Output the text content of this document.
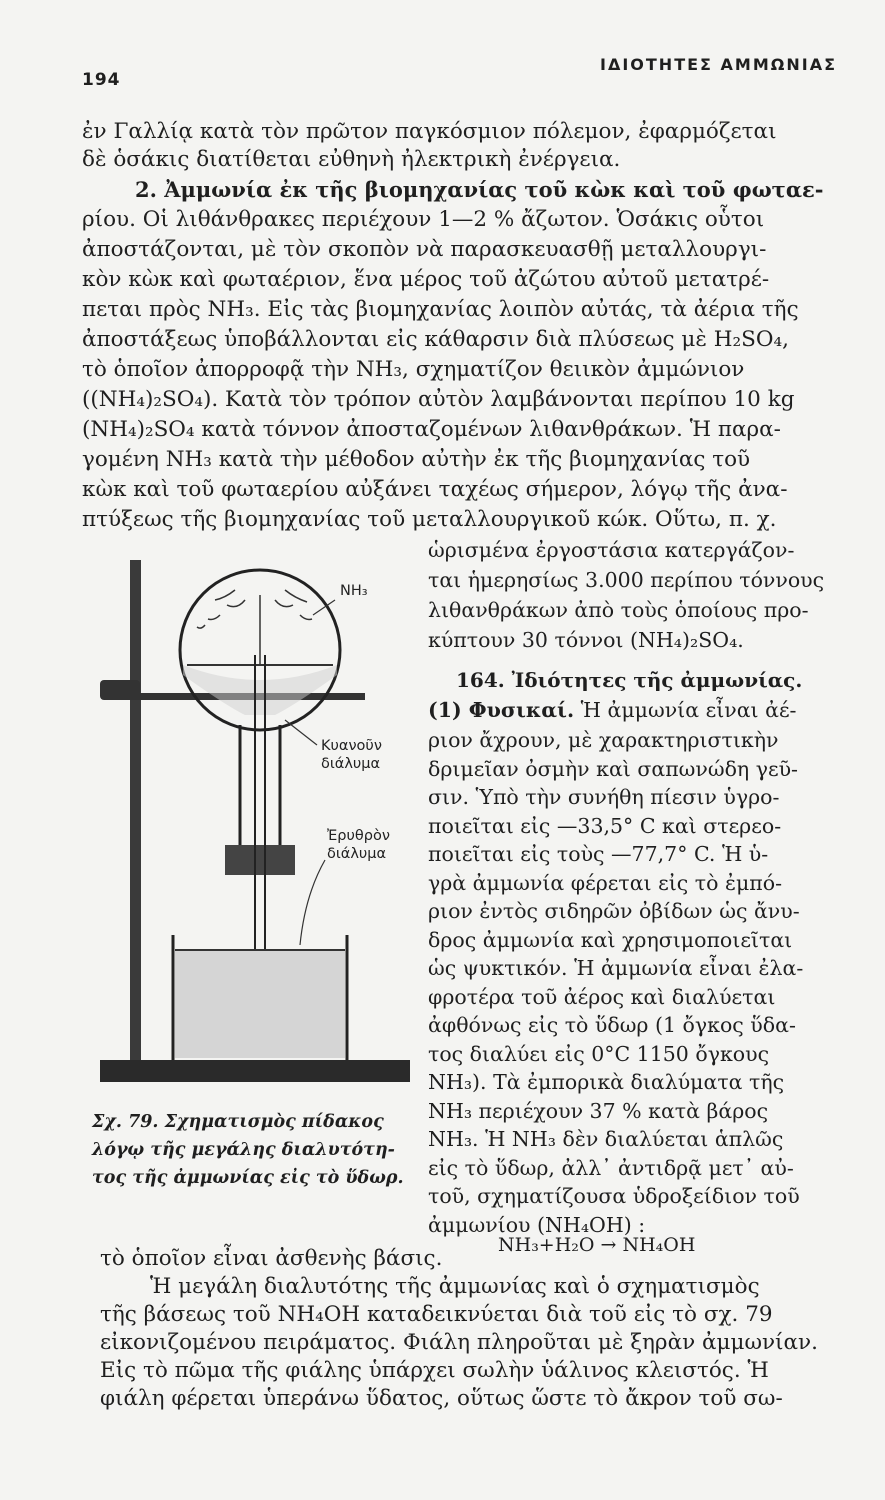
194
ΙΔΙΟΤΗΤΕΣ ΑΜΜΩΝΙΑΣ
ἐν Γαλλίᾳ κατὰ τὸν πρῶτον παγκόσμιον πόλεμον, ἐφαρμόζεται
δὲ ὁσάκις διατίθεται εὐθηνὴ ἠλεκτρικὴ ἐνέργεια.
2. Ἀμμωνία ἐκ τῆς βιομηχανίας τοῦ κὼκ καὶ τοῦ φωταε-
ρίου. Οἱ λιθάνθρακες περιέχουν 1—2 % ἄζωτον. Ὁσάκις οὗτοι
ἀποστάζονται, μὲ τὸν σκοπὸν νὰ παρασκευασθῇ μεταλλουργι-
κὸν κὼκ καὶ φωταέριον, ἕνα μέρος τοῦ ἀζώτου αὐτοῦ μετατρέ-
πεται πρὸς NH₃. Εἰς τὰς βιομηχανίας λοιπὸν αὐτάς, τὰ ἀέρια τῆς
ἀποστάξεως ὑποβάλλονται εἰς κάθαρσιν διὰ πλύσεως μὲ H₂SO₄,
τὸ ὁποῖον ἀπορροφᾷ τὴν NH₃, σχηματίζον θειικὸν ἀμμώνιον
((NH₄)₂SO₄). Κατὰ τὸν τρόπον αὐτὸν λαμβάνονται περίπου 10 kg
(NH₄)₂SO₄ κατὰ τόννον ἀποσταζομένων λιθανθράκων. Ἡ παρα-
γομένη NH₃ κατὰ τὴν μέθοδον αὐτὴν ἐκ τῆς βιομηχανίας τοῦ
κὼκ καὶ τοῦ φωταερίου αὐξάνει ταχέως σήμερον, λόγῳ τῆς ἀνα-
πτύξεως τῆς βιομηχανίας τοῦ μεταλλουργικοῦ κώκ. Οὕτω, π. χ.
ὡρισμένα ἐργοστάσια κατεργάζον-
ται ἡμερησίως 3.000 περίπου τόννους
λιθανθράκων ἀπὸ τοὺς ὁποίους προ-
κύπτουν 30 τόννοι (NH₄)₂SO₄.
164. Ἰδιότητες τῆς ἀμμωνίας.
(1) Φυσικαί. Ἡ ἀμμωνία εἶναι ἀέ-
ριον ἄχρουν, μὲ χαρακτηριστικὴν
δριμεῖαν ὀσμὴν καὶ σαπωνώδη γεῦ-
σιν. Ὑπὸ τὴν συνήθη πίεσιν ὑγρο-
ποιεῖται εἰς —33,5° C καὶ στερεο-
ποιεῖται εἰς τοὺς —77,7° C. Ἡ ὑ-
γρὰ ἀμμωνία φέρεται εἰς τὸ ἐμπό-
ριον ἐντὸς σιδηρῶν ὀβίδων ὡς ἄνυ-
δρος ἀμμωνία καὶ χρησιμοποιεῖται
ὡς ψυκτικόν. Ἡ ἀμμωνία εἶναι ἐλα-
φροτέρα τοῦ ἀέρος καὶ διαλύεται
ἀφθόνως εἰς τὸ ὕδωρ (1 ὄγκος ὕδα-
τος διαλύει εἰς 0°C 1150 ὄγκους
NH₃). Τὰ ἐμπορικὰ διαλύματα τῆς
NH₃ περιέχουν 37 % κατὰ βάρος
NH₃. Ἡ NH₃ δὲν διαλύεται ἁπλῶς
εἰς τὸ ὕδωρ, ἀλλ᾽ ἀντιδρᾷ μετ᾽ αὐ-
τοῦ, σχηματίζουσα ὑδροξείδιον τοῦ
ἀμμωνίου (NH₄OH) :
NH₃+H₂O → NH₄OH
NH₃
Κυανοῦν
διάλυμα
Ἐρυθρὸν
διάλυμα
Σχ. 79. Σχηματισμὸς πίδακος
λόγῳ τῆς μεγάλης διαλυτότη-
τος τῆς ἀμμωνίας εἰς τὸ ὕδωρ.
τὸ ὁποῖον εἶναι ἀσθενὴς βάσις.
Ἡ μεγάλη διαλυτότης τῆς ἀμμωνίας καὶ ὁ σχηματισμὸς
τῆς βάσεως τοῦ NH₄OH καταδεικνύεται διὰ τοῦ εἰς τὸ σχ. 79
εἰκονιζομένου πειράματος. Φιάλη πληροῦται μὲ ξηρὰν ἀμμωνίαν.
Εἰς τὸ πῶμα τῆς φιάλης ὑπάρχει σωλὴν ὑάλινος κλειστός. Ἡ
φιάλη φέρεται ὑπεράνω ὕδατος, οὕτως ὥστε τὸ ἄκρον τοῦ σω-
